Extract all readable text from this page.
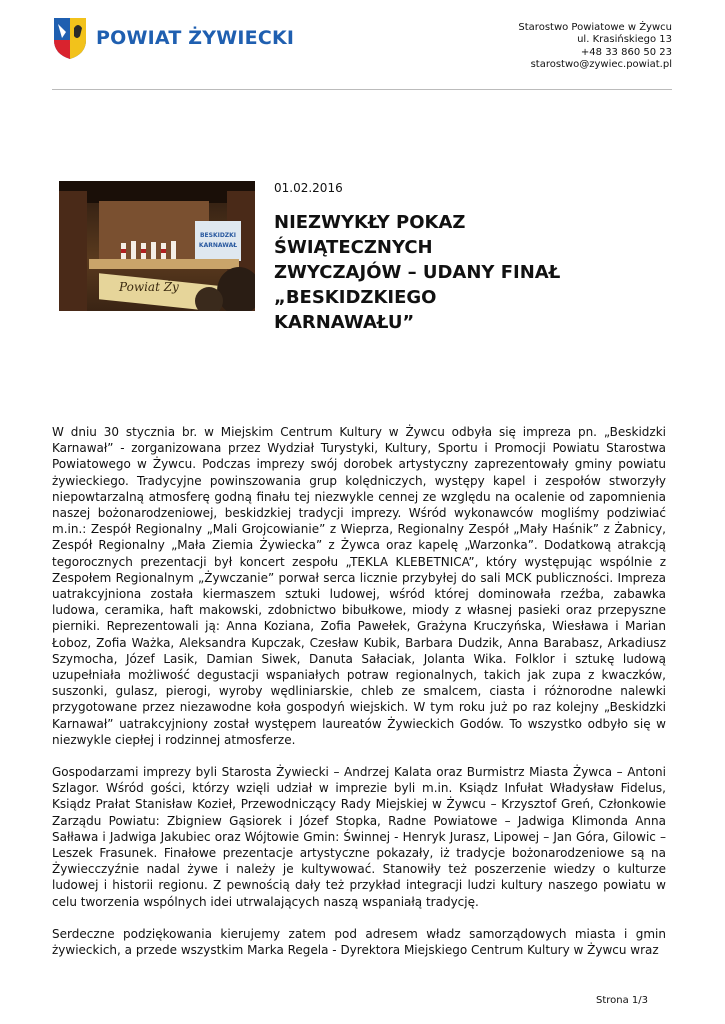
POWIAT ŻYWIECKI	Starostwo Powiatowe w Żywcu
ul. Krasińskiego 13
+48 33 860 50 23
starostwo@zywiec.powiat.pl
BESKIDZKI
KARNAWAŁ
Powiat Ży
01.02.2016
NIEZWYKŁY POKAZ ŚWIĄTECZNYCH ZWYCZAJÓW – UDANY FINAŁ „BESKIDZKIEGO KARNAWAŁU”

W dniu 30 stycznia br. w Miejskim Centrum Kultury w Żywcu odbyła się impreza pn. „Beskidzki Karnawał” - zorganizowana przez Wydział Turystyki, Kultury, Sportu i Promocji Powiatu Starostwa Powiatowego w Żywcu. Podczas imprezy swój dorobek artystyczny zaprezentowały gminy powiatu żywieckiego. Tradycyjne powinszowania grup kolędniczych, występy kapel i zespołów stworzyły niepowtarzalną atmosferę godną finału tej niezwykle cennej ze względu na ocalenie od zapomnienia naszej bożonarodzeniowej, beskidzkiej tradycji imprezy. Wśród wykonawców mogliśmy podziwiać m.in.: Zespół Regionalny „Mali Grojcowianie” z Wieprza, Regionalny Zespół „Mały Haśnik” z Żabnicy, Zespół Regionalny „Mała Ziemia Żywiecka” z Żywca oraz kapelę „Warzonka”. Dodatkową atrakcją tegorocznych prezentacji był koncert zespołu „TEKLA KLEBETNICA”, który występując wspólnie z Zespołem Regionalnym „Żywczanie” porwał serca licznie przybyłej do sali MCK publiczności. Impreza uatrakcyjniona została kiermaszem sztuki ludowej, wśród której dominowała rzeźba, zabawka ludowa, ceramika, haft makowski, zdobnictwo bibułkowe, miody z własnej pasieki oraz przepyszne pierniki. Reprezentowali ją: Anna Koziana, Zofia Pawełek, Grażyna Kruczyńska, Wiesława i Marian Łoboz, Zofia Ważka, Aleksandra Kupczak, Czesław Kubik, Barbara Dudzik, Anna Barabasz, Arkadiusz Szymocha, Józef Lasik, Damian Siwek, Danuta Sałaciak, Jolanta Wika. Folklor i sztukę ludową uzupełniała możliwość degustacji wspaniałych potraw regionalnych, takich jak zupa z kwaczków, suszonki, gulasz, pierogi, wyroby wędliniarskie, chleb ze smalcem, ciasta i różnorodne nalewki przygotowane przez niezawodne koła gospodyń wiejskich. W tym roku już po raz kolejny „Beskidzki Karnawał” uatrakcyjniony został występem laureatów Żywieckich Godów. To wszystko odbyło się w niezwykle ciepłej i rodzinnej atmosferze.

Gospodarzami imprezy byli Starosta Żywiecki – Andrzej Kalata oraz Burmistrz Miasta Żywca – Antoni Szlagor. Wśród gości, którzy wzięli udział w imprezie byli m.in. Ksiądz Infułat Władysław Fidelus, Ksiądz Prałat Stanisław Kozieł, Przewodniczący Rady Miejskiej w Żywcu – Krzysztof Greń, Członkowie Zarządu Powiatu: Zbigniew Gąsiorek i Józef Stopka, Radne Powiatowe – Jadwiga Klimonda Anna Sałława i Jadwiga Jakubiec oraz Wójtowie Gmin: Świnnej - Henryk Jurasz, Lipowej – Jan Góra, Gilowic – Leszek Frasunek. Finałowe prezentacje artystyczne pokazały, iż tradycje bożonarodzeniowe są na Żywiecczyźnie nadal żywe i należy je kultywować. Stanowiły też poszerzenie wiedzy o kulturze ludowej i historii regionu. Z pewnością dały też przykład integracji ludzi kultury naszego powiatu w celu tworzenia wspólnych idei utrwalających naszą wspaniałą tradycję.

Serdeczne podziękowania kierujemy zatem pod adresem władz samorządowych miasta i gmin żywieckich, a przede wszystkim Marka Regela - Dyrektora Miejskiego Centrum Kultury w Żywcu wraz

Strona 1/3
